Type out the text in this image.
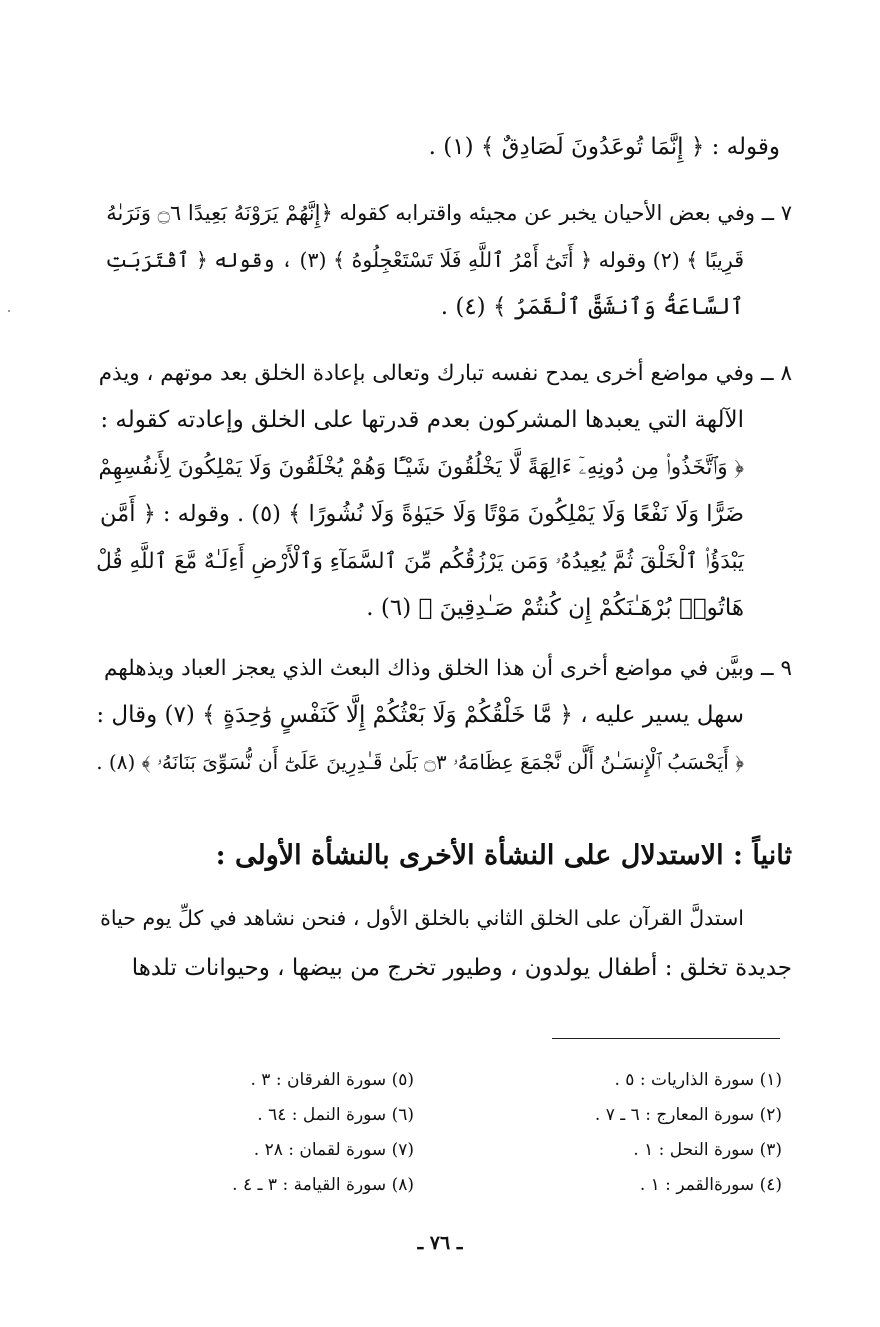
وقوله : ﴿ إِنَّمَا تُوعَدُونَ لَصَادِقٌ ﴾ (١) .
٧ ــ وفي بعض الأحيان يخبر عن مجيئه واقترابه كقوله ﴿إِنَّهُمْ يَرَوْنَهُ بَعِيدًا ۝٦ وَنَرَىٰهُ
قَرِيبًا ﴾ (٢) وقوله ﴿ أَتَىٰٓ أَمْرُ ٱللَّهِ فَلَا تَسْتَعْجِلُوهُ ﴾ (٣) ، وقوله ﴿ ٱقْتَرَبَتِ
ٱلسَّاعَةُ وَٱنشَقَّ ٱلْقَمَرُ ﴾ (٤) .
٨ ــ وفي مواضع أخرى يمدح نفسه تبارك وتعالى بإعادة الخلق بعد موتهم ، ويذم
الآلهة التي يعبدها المشركون بعدم قدرتها على الخلق وإعادته كقوله :
﴿ وَٱتَّخَذُوا۟ مِن دُونِهِۦٓ ءَالِهَةً لَّا يَخْلُقُونَ شَيْـًٔا وَهُمْ يُخْلَقُونَ وَلَا يَمْلِكُونَ لِأَنفُسِهِمْ
ضَرًّا وَلَا نَفْعًا وَلَا يَمْلِكُونَ مَوْتًا وَلَا حَيَوٰةً وَلَا نُشُورًا ﴾ (٥) . وقوله : ﴿ أَمَّن
يَبْدَؤُا۟ ٱلْخَلْقَ ثُمَّ يُعِيدُهُۥ وَمَن يَرْزُقُكُم مِّنَ ٱلسَّمَآءِ وَٱلْأَرْضِ أَءِلَـٰهٌ مَّعَ ٱللَّهِ قُلْ
هَاتُوا۟ بُرْهَـٰنَكُمْ إِن كُنتُمْ صَـٰدِقِينَ ﴾ (٦) .
٩ ــ وبيَّن في مواضع أخرى أن هذا الخلق وذاك البعث الذي يعجز العباد ويذهلهم
سهل يسير عليه ، ﴿ مَّا خَلْقُكُمْ وَلَا بَعْثُكُمْ إِلَّا كَنَفْسٍ وَٰحِدَةٍ ﴾ (٧) وقال :
﴿ أَيَحْسَبُ ٱلْإِنسَـٰنُ أَلَّن نَّجْمَعَ عِظَامَهُۥ ۝٣ بَلَىٰ قَـٰدِرِينَ عَلَىٰٓ أَن نُّسَوِّىَ بَنَانَهُۥ ﴾ (٨) .
ثانياً : الاستدلال على النشأة الأخرى بالنشأة الأولى :
استدلَّ القرآن على الخلق الثاني بالخلق الأول ، فنحن نشاهد في كلِّ يوم حياة
جديدة تخلق : أطفال يولدون ، وطيور تخرج من بيضها ، وحيوانات تلدها
(١) سورة الذاريات : ٥ .
(٢) سورة المعارج : ٦ ـ ٧ .
(٣) سورة النحل : ١ .
(٤) سورةالقمر : ١ .
(٥) سورة الفرقان : ٣ .
(٦) سورة النمل : ٦٤ .
(٧) سورة لقمان : ٢٨ .
(٨) سورة القيامة : ٣ ـ ٤ .
ـ ٧٦ ـ
